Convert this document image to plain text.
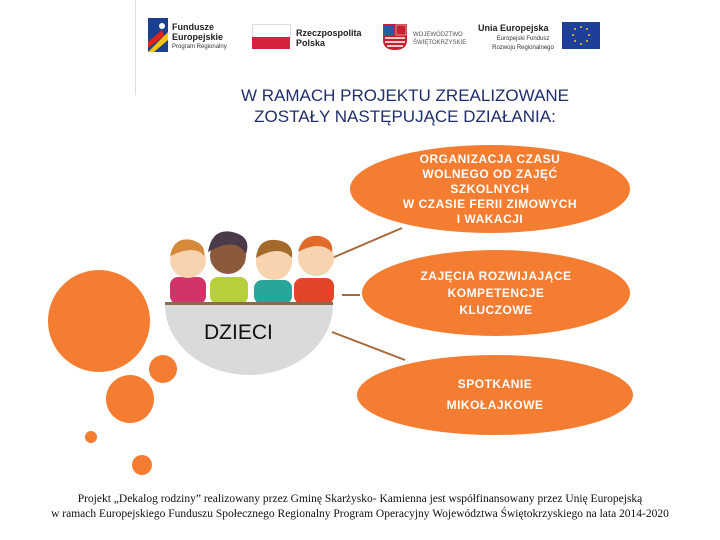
Fundusze
Europejskie
Program Regionalny
Rzeczpospolita
Polska
WOJEWÓDZTWO
ŚWIĘTOKRZYSKIE
Unia Europejska
Europejski Fundusz
Rozwoju Regionalnego
W RAMACH PROJEKTU ZREALIZOWANE
ZOSTAŁY NASTĘPUJĄCE DZIAŁANIA:
DZIECI
ORGANIZACJA CZASU
WOLNEGO OD ZAJĘĆ
SZKOLNYCH
W CZASIE FERII ZIMOWYCH
I WAKACJI
ZAJĘCIA ROZWIJAJĄCE
KOMPETENCJE
KLUCZOWE
SPOTKANIE
MIKOŁAJKOWE
Projekt „Dekalog rodziny” realizowany przez Gminę Skarżysko- Kamienna jest współfinansowany przez Unię Europejską
w ramach Europejskiego Funduszu Społecznego Regionalny Program Operacyjny Województwa Świętokrzyskiego na lata 2014-2020
